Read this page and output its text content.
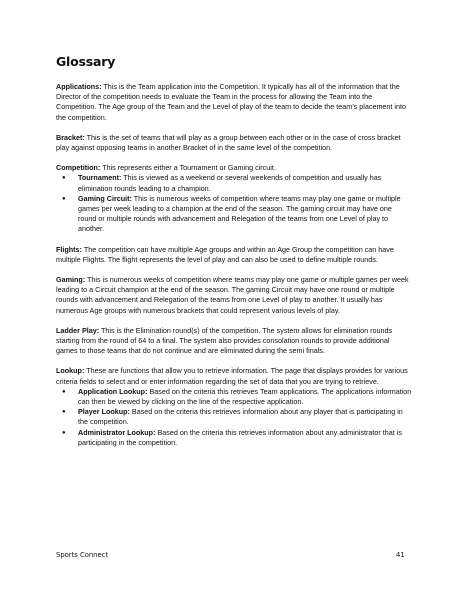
Glossary

Applications: This is the Team application into the Competition. It typically has all of the information that the Director of the competition needs to evaluate the Team in the process for allowing the Team into the Competition. The Age group of the Team and the Level of play of the team to decide the team’s placement into the competition.

Bracket: This is the set of teams that will play as a group between each other or in the case of cross bracket play against opposing teams in another Bracket of in the same level of the competition.

Competition: This represents either a Tournament or Gaming circuit.

● Tournament: This is viewed as a weekend or several weekends of competition and usually has elimination rounds leading to a champion.
● Gaming Circuit: This is numerous weeks of competition where teams may play one game or multiple games per week leading to a champion at the end of the season. The gaming circuit may have one round or multiple rounds with advancement and Relegation of the teams from one Level of play to another.

Flights: The competition can have multiple Age groups and within an Age Group the competition can have multiple Flights. The flight represents the level of play and can also be used to define multiple rounds.

Gaming: This is numerous weeks of competition where teams may play one game or multiple games per week leading to a Circuit champion at the end of the season. The gaming Circuit may have one round or multiple rounds with advancement and Relegation of the teams from one Level of play to another. It usually has numerous Age groups with numerous brackets that could represent various levels of play.

Ladder Play: This is the Elimination round(s) of the competition. The system allows for elimination rounds starting from the round of 64 to a final. The system also provides consolation rounds to provide additional games to those teams that do not continue and are eliminated during the semi finals.

Lookup: These are functions that allow you to retrieve information. The page that displays provides for various criteria fields to select and or enter information regarding the set of data that you are trying to retrieve.

● Application Lookup: Based on the criteria this retrieves Team applications. The applications information can then be viewed by clicking on the line of the respective application.
● Player Lookup: Based on the criteria this retrieves information about any player that is participating in the competition.
● Administrator Lookup: Based on the criteria this retrieves information about any administrator that is participating in the competition.
Sports Connect	41
